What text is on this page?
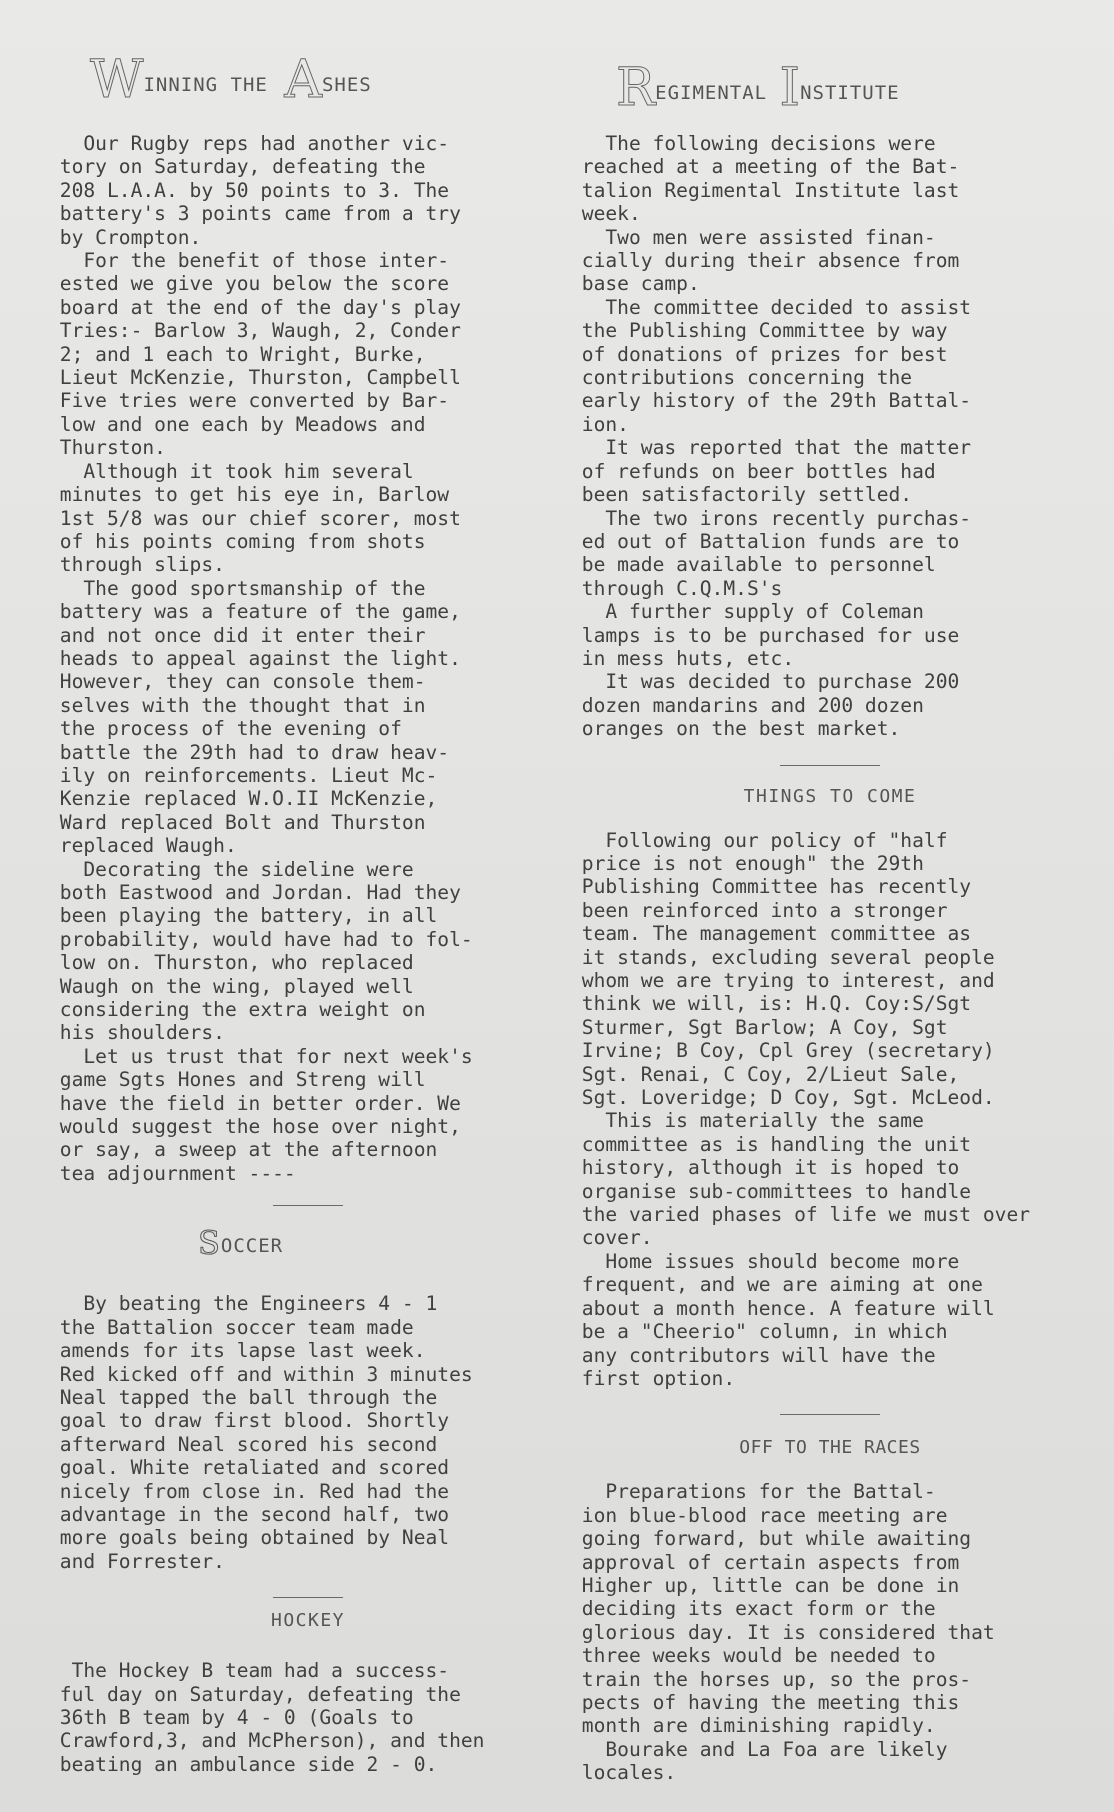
WINNING THE ASHES

Our Rugby reps had another vic-
tory on Saturday, defeating the
208 L.A.A. by 50 points to 3. The
battery's 3 points came from a try
by Crompton.
For the benefit of those inter-
ested we give you below the score
board at the end of the day's play
Tries:- Barlow 3, Waugh, 2, Conder
2; and 1 each to Wright, Burke,
Lieut McKenzie, Thurston, Campbell
Five tries were converted by Bar-
low and one each by Meadows and
Thurston.

Although it took him several
minutes to get his eye in, Barlow
1st 5/8 was our chief scorer, most
of his points coming from shots
through slips.

The good sportsmanship of the
battery was a feature of the game,
and not once did it enter their
heads to appeal against the light.
However, they can console them-
selves with the thought that in
the process of the evening of
battle the 29th had to draw heav-
ily on reinforcements. Lieut Mc-
Kenzie replaced W.O.II McKenzie,
Ward replaced Bolt and Thurston
replaced Waugh.

Decorating the sideline were
both Eastwood and Jordan. Had they
been playing the battery, in all
probability, would have had to fol-
low on. Thurston, who replaced
Waugh on the wing, played well
considering the extra weight on
his shoulders.

Let us trust that for next week's
game Sgts Hones and Streng will
have the field in better order. We
would suggest the hose over night,
or say, a sweep at the afternoon
tea adjournment ----

SOCCER

By beating the Engineers 4 - 1
the Battalion soccer team made
amends for its lapse last week.
Red kicked off and within 3 minutes
Neal tapped the ball through the
goal to draw first blood. Shortly
afterward Neal scored his second
goal. White retaliated and scored
nicely from close in. Red had the
advantage in the second half, two
more goals being obtained by Neal
and Forrester.

HOCKEY

The Hockey B team had a success-
ful day on Saturday, defeating the
36th B team by 4 - 0 (Goals to
Crawford,3, and McPherson), and then
beating an ambulance side 2 - 0.

REGIMENTAL INSTITUTE

The following decisions were
reached at a meeting of the Bat-
talion Regimental Institute last
week.

Two men were assisted finan-
cially during their absence from
base camp.

The committee decided to assist
the Publishing Committee by way
of donations of prizes for best
contributions concerning the
early history of the 29th Battal-
ion.

It was reported that the matter
of refunds on beer bottles had
been satisfactorily settled.

The two irons recently purchas-
ed out of Battalion funds are to
be made available to personnel
through C.Q.M.S's

A further supply of Coleman
lamps is to be purchased for use
in mess huts, etc.

It was decided to purchase 200
dozen mandarins and 200 dozen
oranges on the best market.

THINGS TO COME

Following our policy of "half
price is not enough" the 29th
Publishing Committee has recently
been reinforced into a stronger
team. The management committee as
it stands, excluding several people
whom we are trying to interest, and
think we will, is: H.Q. Coy:S/Sgt
Sturmer, Sgt Barlow; A Coy, Sgt
Irvine; B Coy, Cpl Grey (secretary)
Sgt. Renai, C Coy, 2/Lieut Sale,
Sgt. Loveridge; D Coy, Sgt. McLeod.

This is materially the same
committee as is handling the unit
history, although it is hoped to
organise sub-committees to handle
the varied phases of life we must over
cover.

Home issues should become more
frequent, and we are aiming at one
about a month hence. A feature will
be a "Cheerio" column, in which
any contributors will have the
first option.

OFF TO THE RACES

Preparations for the Battal-
ion blue-blood race meeting are
going forward, but while awaiting
approval of certain aspects from
Higher up, little can be done in
deciding its exact form or the
glorious day. It is considered that
three weeks would be needed to
train the horses up, so the pros-
pects of having the meeting this
month are diminishing rapidly.

Bourake and La Foa are likely
locales.
